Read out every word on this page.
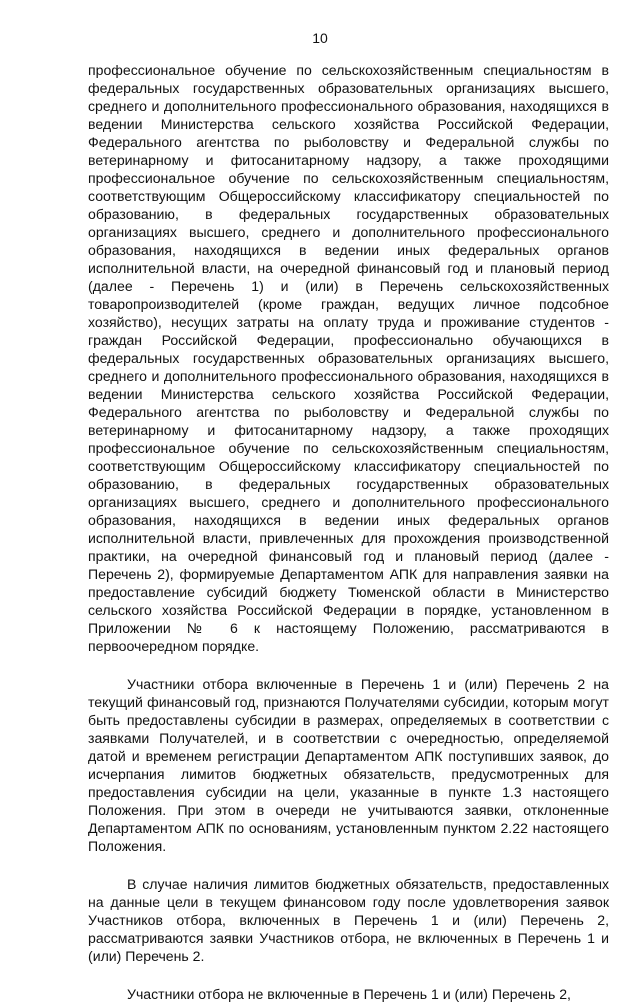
10

профессиональное обучение по сельскохозяйственным специальностям в федеральных государственных образовательных организациях высшего, среднего и дополнительного профессионального образования, находящихся в ведении Министерства сельского хозяйства Российской Федерации, Федерального агентства по рыболовству и Федеральной службы по ветеринарному и фитосанитарному надзору, а также проходящими профессиональное обучение по сельскохозяйственным специальностям, соответствующим Общероссийскому классификатору специальностей по образованию, в федеральных государственных образовательных организациях высшего, среднего и дополнительного профессионального образования, находящихся в ведении иных федеральных органов исполнительной власти, на очередной финансовый год и плановый период (далее - Перечень 1) и (или) в Перечень сельскохозяйственных товаропроизводителей (кроме граждан, ведущих личное подсобное хозяйство), несущих затраты на оплату труда и проживание студентов - граждан Российской Федерации, профессионально обучающихся в федеральных государственных образовательных организациях высшего, среднего и дополнительного профессионального образования, находящихся в ведении Министерства сельского хозяйства Российской Федерации, Федерального агентства по рыболовству и Федеральной службы по ветеринарному и фитосанитарному надзору, а также проходящих профессиональное обучение по сельскохозяйственным специальностям, соответствующим Общероссийскому классификатору специальностей по образованию, в федеральных государственных образовательных организациях высшего, среднего и дополнительного профессионального образования, находящихся в ведении иных федеральных органов исполнительной власти, привлеченных для прохождения производственной практики, на очередной финансовый год и плановый период (далее - Перечень 2), формируемые Департаментом АПК для направления заявки на предоставление субсидий бюджету Тюменской области в Министерство сельского хозяйства Российской Федерации в порядке, установленном в Приложении № 6 к настоящему Положению, рассматриваются в первоочередном порядке.

Участники отбора включенные в Перечень 1 и (или) Перечень 2 на текущий финансовый год, признаются Получателями субсидии, которым могут быть предоставлены субсидии в размерах, определяемых в соответствии с заявками Получателей, и в соответствии с очередностью, определяемой датой и временем регистрации Департаментом АПК поступивших заявок, до исчерпания лимитов бюджетных обязательств, предусмотренных для предоставления субсидии на цели, указанные в пункте 1.3 настоящего Положения. При этом в очереди не учитываются заявки, отклоненные Департаментом АПК по основаниям, установленным пунктом 2.22 настоящего Положения.

В случае наличия лимитов бюджетных обязательств, предоставленных на данные цели в текущем финансовом году после удовлетворения заявок Участников отбора, включенных в Перечень 1 и (или) Перечень 2, рассматриваются заявки Участников отбора, не включенных в Перечень 1 и (или) Перечень 2.

Участники отбора не включенные в Перечень 1 и (или) Перечень 2,
